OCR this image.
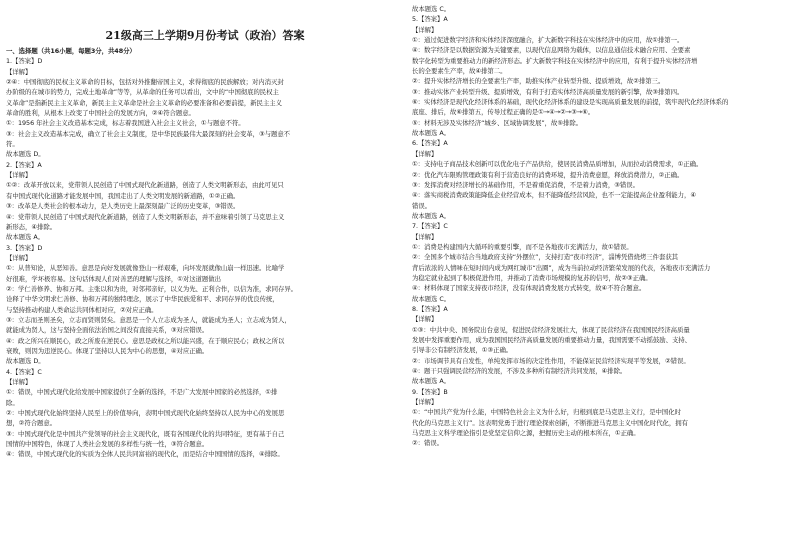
21级高三上学期9月份考试（政治）答案
一、选择题（共16小题，每题3分，共48分）
1.【答案】D
【详解】
②④：中国彻底的民权主义革命的目标，包括对外推翻帝国主义，求得彻底的民族解放；对内消灭封
办阶级的在城市的势力，完成土地革命”等等，从革命的任务可以看出，文中的“中国彻底的民权主
义革命”是指新民主主义革命，新民主主义革命是社会主义革命的必要准备和必要前提，新民主主义
革命的胜利，从根本上改变了中国社会的发展方向，②④符合题意。
①：1956 年社会主义改造基本完成，标志着我国进入社会主义社会，①与题意不符。
③：社会主义改造基本完成，确立了社会主义制度，是中华民族最伟大最深刻的社会变革，③与题意不
符。
故本题选 D。
2.【答案】A
【详解】
①②：改革开放以来，党带领人民创造了中国式现代化新道路，创造了人类文明新形态，由此可见只
有中国式现代化道路才能发展中国，我国走出了人类文明发展的新道路，①②正确。
③：改革是人类社会的根本动力，是人类历史上最深刻最广泛的历史变革，③错误。
④：党带领人民创造了中国式现代化新道路，创造了人类文明新形态，并不意味着引领了马克思主义
新形态，④排除。
故本题选 A。
3.【答案】D
【详解】
①：从普知论，从恶知善。意思是向好发展就像登山一样艰难，向坏发展就像山崩一样迅速。比喻学
好很难，学坏极容易。这句话体现人们对善恶的理解与选择，①对这道题做出
②：学仁善修养、协和万邦。主张以和为贵，对邻邦亲好，以义为先、正利合作，以信为准，求同存异。
诠释了中华文明求仁善修、协和万邦的独特理念，展示了中华民族爱和平、求同存异的优良传统，
与坚持推动构建人类命运共同体相对应，②对应正确。
③：立志而圣则圣矣，立志而贤则贤矣。意思是一个人立志成为圣人，就能成为圣人；立志成为贤人，
就能成为贤人，这与坚持全面依法治国之间没有直接关系，③对应错误。
④：政之所兴在顺民心，政之所废在逆民心。意思是政权之所以能兴盛，在于顺应民心；政权之所以
衰败，则因为违逆民心。体现了坚持以人民为中心的思想，④对应正确。
故本题选 D。
4.【答案】C
【详解】
①：错误，中国式现代化给发展中国家提供了全新的选择，不是广大发展中国家的必然选择，①排
除。
②：中国式现代化始终坚持人民至上的价值导向，表明中国式现代化始终坚持以人民为中心的发展思
想，②符合题意。
③：中国式现代化是中国共产党领导的社会主义现代化，既有各国现代化的共同特征，更有基于自己
国情的中国特色，体现了人类社会发展的多样性与统一性，③符合题意。
④：错误，中国式现代化的实质为全体人民共同富裕的现代化，而是结合中国国情的选择，④排除。
故本题选 C。
5.【答案】A
【详解】
①：通过促进数字经济和实体经济深度融合，扩大新数字科技在实体经济中的应用，故①排第一。
④：数字经济是以数据资源为关键要素，以现代信息网络为载体，以信息通信技术融合应用、全要素
数字化转型为重要推动力的新经济形态。扩大新数字科技在实体经济中的应用，有利于提升实体经济增
长的全要素生产率，故④排第二。
②：提升实体经济增长的全要素生产率，助推实体产业转型升级、提质增效，故②排第三。
③：推动实体产业转型升级、提质增效，有利于打造实体经济高质量发展的新引擎，故③排第四。
⑥：实体经济是现代化经济体系的基础，现代化经济体系的建设是实现高质量发展的前提，筑牢现代化经济体系的
底座、排后，故⑥排第五，传导过程正确的是①→④→②→③→⑥。
⑤：材料无涉及实体经济“城乡、区域协调发展”，故⑤排除。
故本题选 A。
6.【答案】A
【详解】
①：支持电子商品技术创新可以优化电子产品供给，使居民消费品质增加，从而拉动消费需求，①正确。
②：优化汽车限购管理政策有利于营造良好的消费环境，提升消费意愿，释放消费潜力，②正确。
③：发挥消费对经济增长的基础作用，不是着重促消费，不是着力消费，③错误。
④：落实商税消费政策能降低企业经营成本，但不能降低经营风险，也不一定能提高企业盈利能力，④
错误。
故本题选 A。
7.【答案】C
【详解】
①：消费是构建国内大循环的重要引擎，而不是各地夜市充满活力，故①错误。
②：全国多个城市结合当地政府支持“外摆位”，支持打造“夜市经济”，淄博凭借烧烤三件套获其
背后浓浓的人情味在短时间内成为网红城市“出圈”，成为当前拉动经济繁荣发展的代表，各地夜市充满活力
为稳定就业起到了积极促进作用，并推动了消费市场规模的复苏的信号，故②③正确。
④：材料体现了国家支持夜市经济，没有体现消费发展方式转变，故④不符合题意。
故本题选 C。
8.【答案】A
【详解】
①③：中共中央、国务院出台意见，促进民营经济发展壮大，体现了民营经济在我国国民经济高质量
发展中发挥重要作用，成为我国国民经济高质量发展的重要推动力量，我国需要不动摇鼓励、支持、
引导非公有制经济发展，①③正确。
②：市场调节具有自发性，单纯发挥市场的决定性作用，不能保证民营经济实现平等发展，②错误。
④：题干只强调民营经济的发展，不涉及多种所有制经济共同发展，④排除。
故本题选 A。
9.【答案】B
【详解】
①：“中国共产党为什么能，中国特色社会主义为什么好，归根到底是马克思主义行，是中国化时
代化的马克思主义行”。这表明党勇于进行理论探索创新，不断推进马克思主义中国化时代化，拥有
马克思主义科学理论指引是党坚定信仰之源，把握历史主动的根本所在，①正确。
②：错误。
